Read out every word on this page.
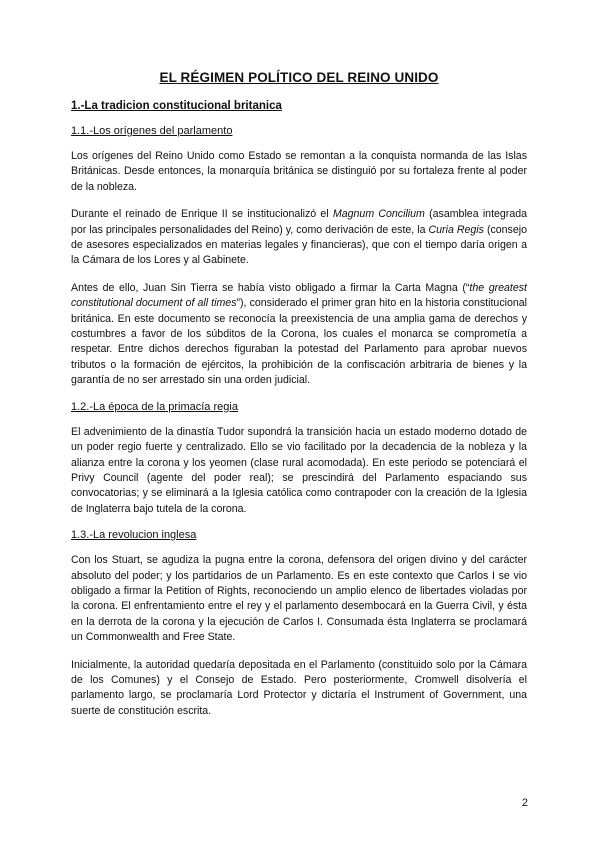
EL RÉGIMEN POLÍTICO DEL REINO UNIDO
1.-La tradicion constitucional britanica
1.1.-Los orígenes del parlamento

Los orígenes del Reino Unido como Estado se remontan a la conquista normanda de las Islas Británicas. Desde entonces, la monarquía británica se distinguió por su fortaleza frente al poder de la nobleza.

Durante el reinado de Enrique II se institucionalizó el Magnum Concilium (asamblea integrada por las principales personalidades del Reino) y, como derivación de este, la Curia Regis (consejo de asesores especializados en materias legales y financieras), que con el tiempo daría origen a la Cámara de los Lores y al Gabinete.

Antes de ello, Juan Sin Tierra se había visto obligado a firmar la Carta Magna (“the greatest constitutional document of all times”), considerado el primer gran hito en la historia constitucional británica. En este documento se reconocía la preexistencia de una amplia gama de derechos y costumbres a favor de los súbditos de la Corona, los cuales el monarca se comprometía a respetar. Entre dichos derechos figuraban la potestad del Parlamento para aprobar nuevos tributos o la formación de ejércitos, la prohibición de la confiscación arbitraria de bienes y la garantía de no ser arrestado sin una orden judicial.

1.2.-La época de la primacía regia

El advenimiento de la dinastía Tudor supondrá la transición hacia un estado moderno dotado de un poder regio fuerte y centralizado. Ello se vio facilitado por la decadencia de la nobleza y la alianza entre la corona y los yeomen (clase rural acomodada). En este periodo se potenciará el Privy Council (agente del poder real); se prescindirá del Parlamento espaciando sus convocatorias; y se eliminará a la Iglesia católica como contrapoder con la creación de la Iglesia de Inglaterra bajo tutela de la corona.

1.3.-La revolucion inglesa

Con los Stuart, se agudiza la pugna entre la corona, defensora del origen divino y del carácter absoluto del poder; y los partidarios de un Parlamento. Es en este contexto que Carlos I se vio obligado a firmar la Petition of Rights, reconociendo un amplio elenco de libertades violadas por la corona. El enfrentamiento entre el rey y el parlamento desembocará en la Guerra Civil, y ésta en la derrota de la corona y la ejecución de Carlos I. Consumada ésta Inglaterra se proclamará un Commonwealth and Free State.

Inicialmente, la autoridad quedaría depositada en el Parlamento (constituido solo por la Cámara de los Comunes) y el Consejo de Estado. Pero posteriormente, Cromwell disolvería el parlamento largo, se proclamaría Lord Protector y dictaría el Instrument of Government, una suerte de constitución escrita.

2
